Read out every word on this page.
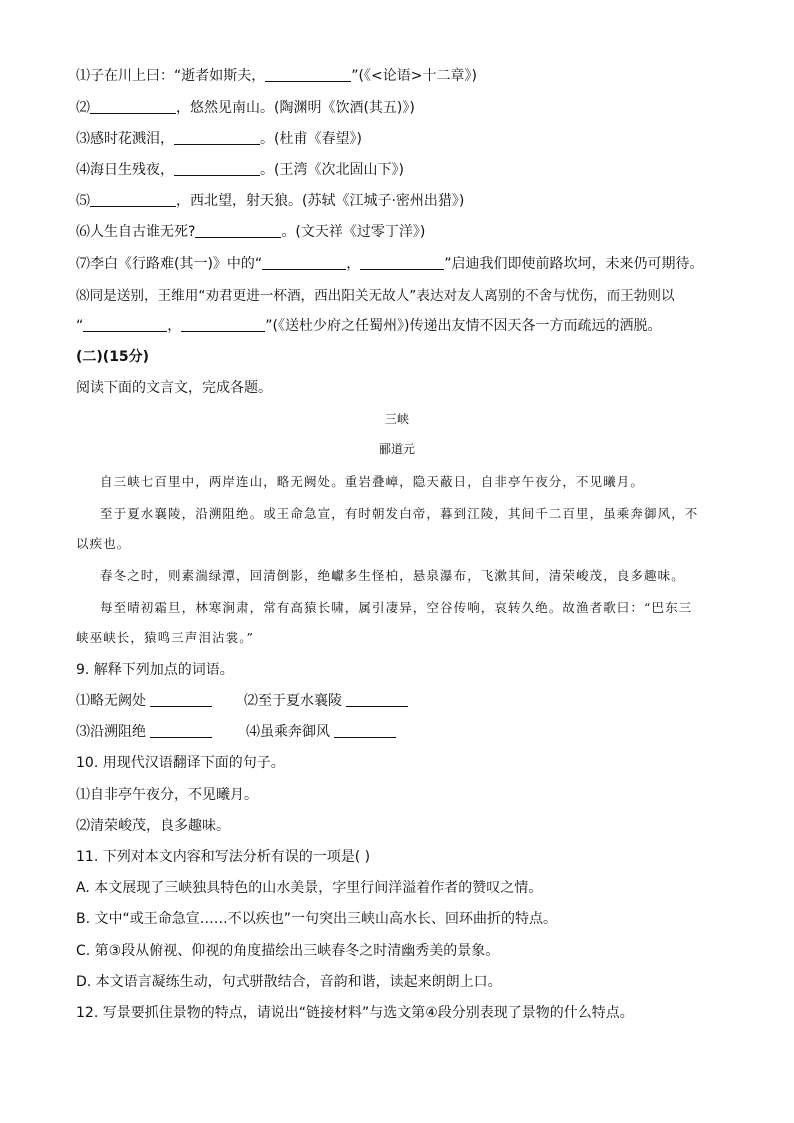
⑴子在川上曰：“逝者如斯夫，	”(《<论语>十二章》)
⑵	，悠然见南山。(陶渊明《饮酒(其五)》)
⑶感时花溅泪，	。(杜甫《春望》)
⑷海日生残夜，	。(王湾《次北固山下》)
⑸	，西北望，射天狼。(苏轼《江城子·密州出猎》)
⑹人生自古谁无死?	。(文天祥《过零丁洋》)
⑺李白《行路难(其一)》中的“	，	”启迪我们即使前路坎坷，未来仍可期待。
⑻同是送别，王维用“劝君更进一杯酒，西出阳关无故人”表达对友人离别的不舍与忧伤，而王勃则以
“	，	”(《送杜少府之任蜀州》)传递出友情不因天各一方而疏远的洒脱。
(二)(15分)
阅读下面的文言文，完成各题。
三峡
郦道元
自三峡七百里中，两岸连山，略无阙处。重岩叠嶂，隐天蔽日，自非亭午夜分，不见曦月。
至于夏水襄陵，沿溯阻绝。或王命急宣，有时朝发白帝，暮到江陵，其间千二百里，虽乘奔御风，不
以疾也。
春冬之时，则素湍绿潭，回清倒影，绝巘多生怪柏，悬泉瀑布，飞漱其间，清荣峻茂，良多趣味。
每至晴初霜旦，林寒涧肃，常有高猿长啸，属引凄异，空谷传响，哀转久绝。故渔者歌曰：“巴东三
峡巫峡长，猿鸣三声泪沾裳。”
9. 解释下列加点的词语。
⑴略无阙处	⑵至于夏水襄陵
⑶沿溯阻绝	⑷虽乘奔御风
10. 用现代汉语翻译下面的句子。
⑴自非亭午夜分，不见曦月。
⑵清荣峻茂，良多趣味。
11. 下列对本文内容和写法分析有误的一项是( )
A. 本文展现了三峡独具特色的山水美景，字里行间洋溢着作者的赞叹之情。
B. 文中“或王命急宣……不以疾也”一句突出三峡山高水长、回环曲折的特点。
C. 第③段从俯视、仰视的角度描绘出三峡春冬之时清幽秀美的景象。
D. 本文语言凝练生动，句式骈散结合，音韵和谐，读起来朗朗上口。
12. 写景要抓住景物的特点，请说出“链接材料”与选文第④段分别表现了景物的什么特点。
